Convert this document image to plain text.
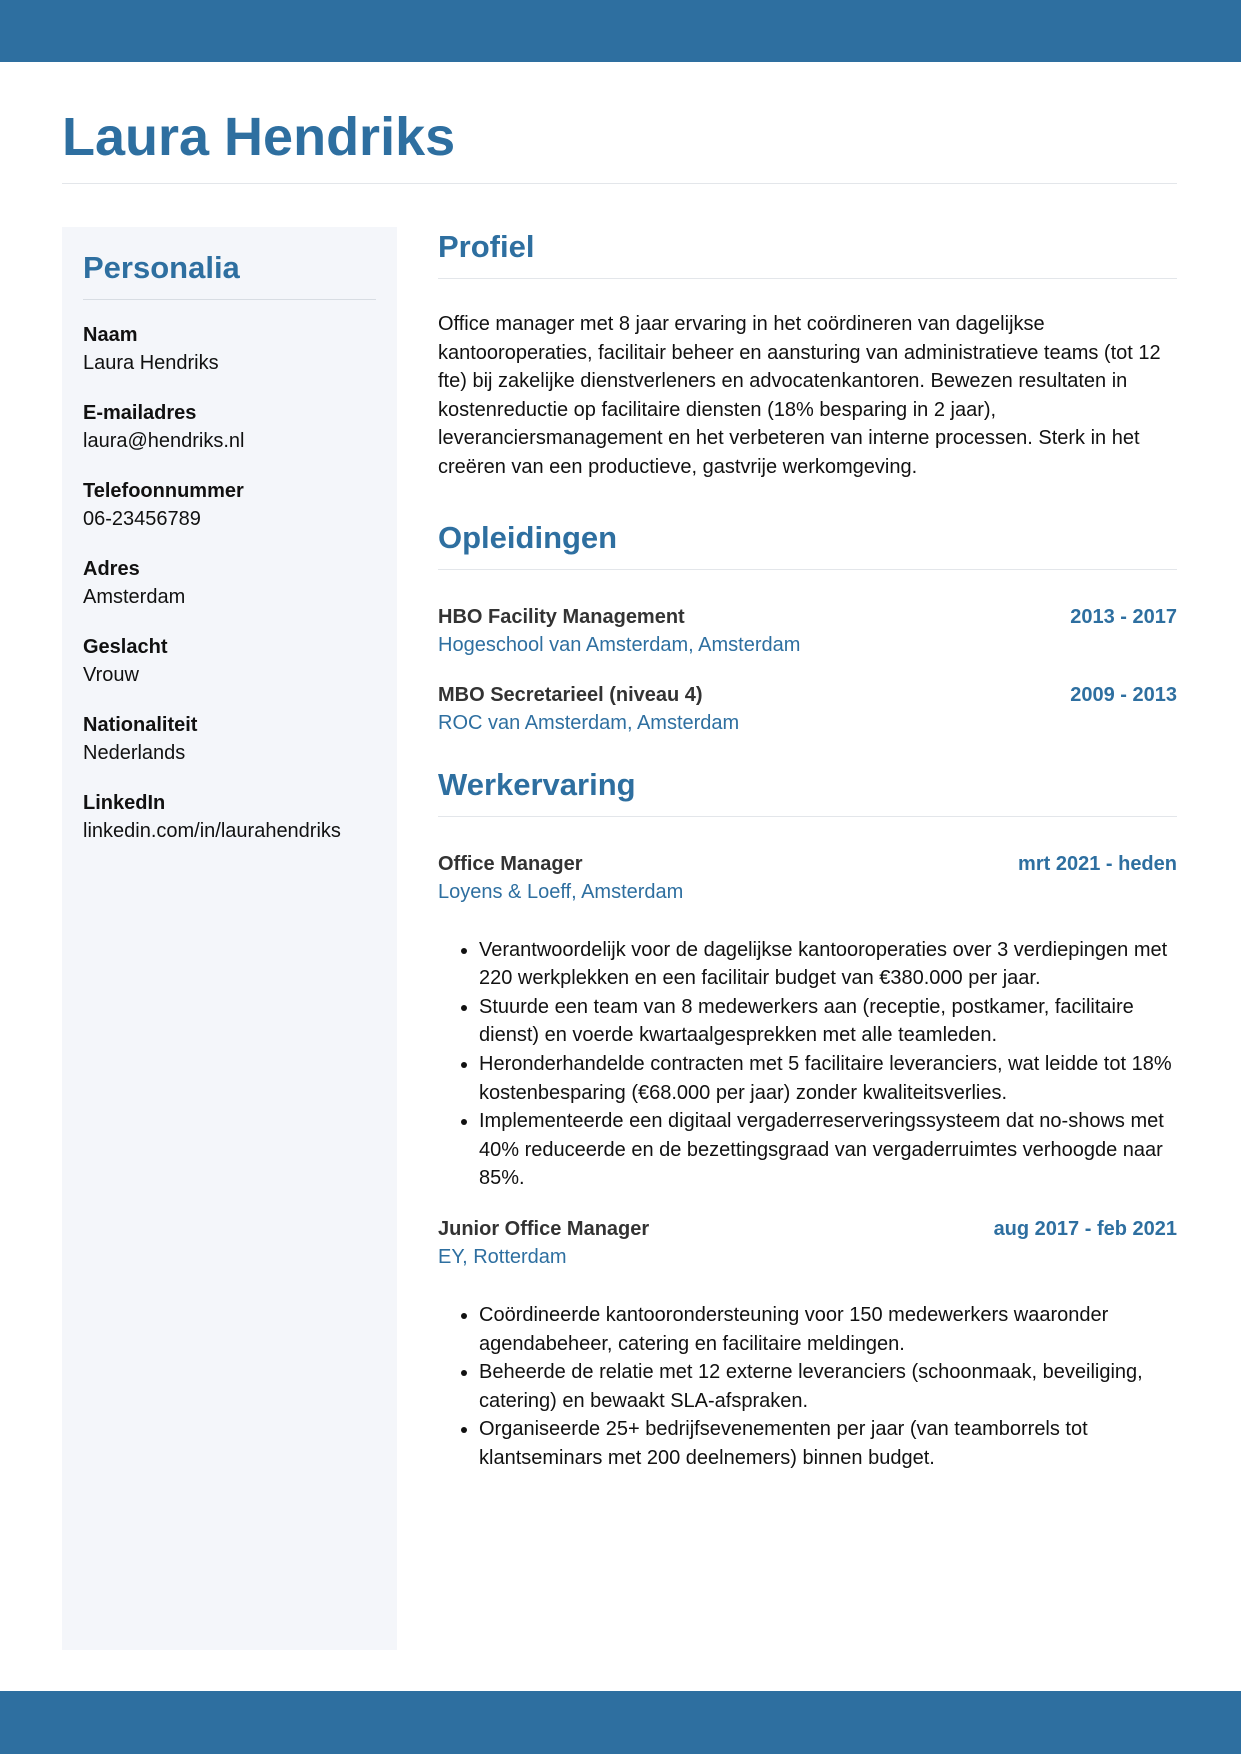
Laura Hendriks
Personalia
Naam
Laura Hendriks
E-mailadres
laura@hendriks.nl
Telefoonnummer
06-23456789
Adres
Amsterdam
Geslacht
Vrouw
Nationaliteit
Nederlands
LinkedIn
linkedin.com/in/laurahendriks
Profiel

Office manager met 8 jaar ervaring in het coördineren van dagelijkse kantooroperaties, facilitair beheer en aansturing van administratieve teams (tot 12 fte) bij zakelijke dienstverleners en advocatenkantoren. Bewezen resultaten in kostenreductie op facilitaire diensten (18% besparing in 2 jaar), leveranciersmanagement en het verbeteren van interne processen. Sterk in het creëren van een productieve, gastvrije werkomgeving.

Opleidingen
HBO Facility Management	2013 - 2017
Hogeschool van Amsterdam, Amsterdam
MBO Secretarieel (niveau 4)	2009 - 2013
ROC van Amsterdam, Amsterdam
Werkervaring
Office Manager	mrt 2021 - heden
Loyens & Loeff, Amsterdam
• Verantwoordelijk voor de dagelijkse kantooroperaties over 3 verdiepingen met 220 werkplekken en een facilitair budget van €380.000 per jaar.
• Stuurde een team van 8 medewerkers aan (receptie, postkamer, facilitaire dienst) en voerde kwartaalgesprekken met alle teamleden.
• Heronderhandelde contracten met 5 facilitaire leveranciers, wat leidde tot 18% kostenbesparing (€68.000 per jaar) zonder kwaliteitsverlies.
• Implementeerde een digitaal vergaderreserveringssysteem dat no-shows met 40% reduceerde en de bezettingsgraad van vergaderruimtes verhoogde naar 85%.
Junior Office Manager	aug 2017 - feb 2021
EY, Rotterdam
• Coördineerde kantoorondersteuning voor 150 medewerkers waaronder agendabeheer, catering en facilitaire meldingen.
• Beheerde de relatie met 12 externe leveranciers (schoonmaak, beveiliging, catering) en bewaakt SLA-afspraken.
• Organiseerde 25+ bedrijfsevenementen per jaar (van teamborrels tot klantseminars met 200 deelnemers) binnen budget.
